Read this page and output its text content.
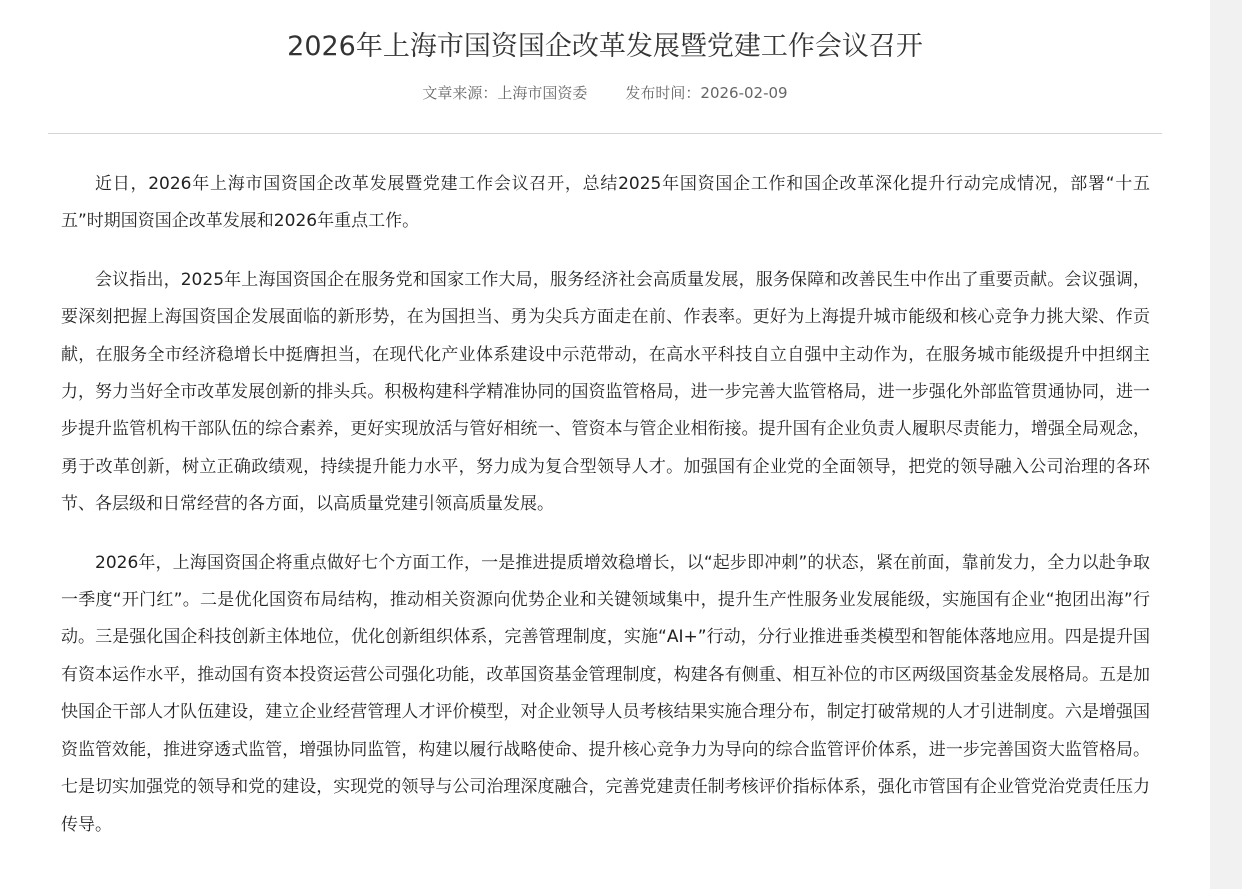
2026年上海市国资国企改革发展暨党建工作会议召开
文章来源：上海市国资委	发布时间：2026-02-09

近日，2026年上海市国资国企改革发展暨党建工作会议召开，总结2025年国资国企工作和国企改革深化提升行动完成情况，部署“十五五”时期国资国企改革发展和2026年重点工作。

会议指出，2025年上海国资国企在服务党和国家工作大局，服务经济社会高质量发展，服务保障和改善民生中作出了重要贡献。会议强调，要深刻把握上海国资国企发展面临的新形势，在为国担当、勇为尖兵方面走在前、作表率。更好为上海提升城市能级和核心竞争力挑大梁、作贡献，在服务全市经济稳增长中挺膺担当，在现代化产业体系建设中示范带动，在高水平科技自立自强中主动作为，在服务城市能级提升中担纲主力，努力当好全市改革发展创新的排头兵。积极构建科学精准协同的国资监管格局，进一步完善大监管格局，进一步强化外部监管贯通协同，进一步提升监管机构干部队伍的综合素养，更好实现放活与管好相统一、管资本与管企业相衔接。提升国有企业负责人履职尽责能力，增强全局观念，勇于改革创新，树立正确政绩观，持续提升能力水平，努力成为复合型领导人才。加强国有企业党的全面领导，把党的领导融入公司治理的各环节、各层级和日常经营的各方面，以高质量党建引领高质量发展。

2026年，上海国资国企将重点做好七个方面工作，一是推进提质增效稳增长，以“起步即冲刺”的状态，紧在前面，靠前发力，全力以赴争取一季度“开门红”。二是优化国资布局结构，推动相关资源向优势企业和关键领域集中，提升生产性服务业发展能级，实施国有企业“抱团出海”行动。三是强化国企科技创新主体地位，优化创新组织体系，完善管理制度，实施“AI+”行动，分行业推进垂类模型和智能体落地应用。四是提升国有资本运作水平，推动国有资本投资运营公司强化功能，改革国资基金管理制度，构建各有侧重、相互补位的市区两级国资基金发展格局。五是加快国企干部人才队伍建设，建立企业经营管理人才评价模型，对企业领导人员考核结果实施合理分布，制定打破常规的人才引进制度。六是增强国资监管效能，推进穿透式监管，增强协同监管，构建以履行战略使命、提升核心竞争力为导向的综合监管评价体系，进一步完善国资大监管格局。七是切实加强党的领导和党的建设，实现党的领导与公司治理深度融合，完善党建责任制考核评价指标体系，强化市管国有企业管党治党责任压力传导。
